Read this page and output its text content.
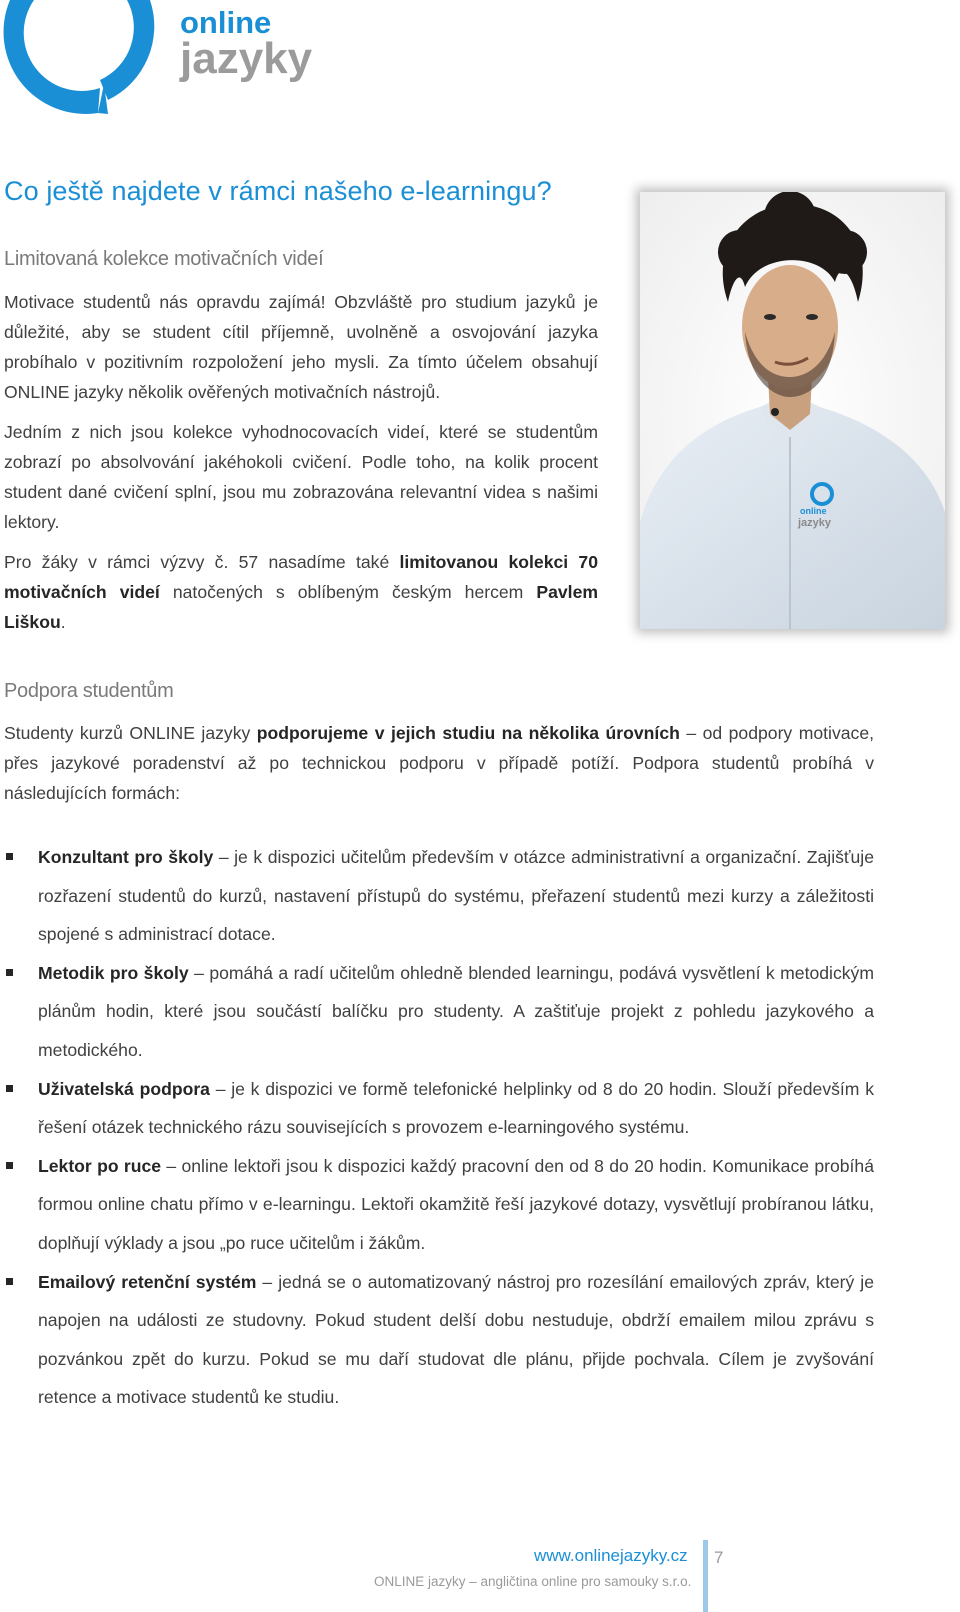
online
jazyky
Co ještě najdete v rámci našeho e-learningu?
Limitovaná kolekce motivačních videí
Motivace studentů nás opravdu zajímá! Obzvláště pro studium jazyků je důležité, aby se student cítil příjemně, uvolněně a osvojování jazyka probíhalo v pozitivním rozpoložení jeho mysli. Za tímto účelem obsahují ONLINE jazyky několik ověřených motivačních nástrojů.
Jedním z nich jsou kolekce vyhodnocovacích videí, které se studentům zobrazí po absolvování jakéhokoli cvičení. Podle toho, na kolik procent student dané cvičení splní, jsou mu zobrazována relevantní videa s našimi lektory.
Pro žáky v rámci výzvy č. 57 nasadíme také limitovanou kolekci 70 motivačních videí natočených s oblíbeným českým hercem Pavlem Liškou.
online
jazyky
Podpora studentům
Studenty kurzů ONLINE jazyky podporujeme v jejich studiu na několika úrovních – od podpory motivace, přes jazykové poradenství až po technickou podporu v případě potíží. Podpora studentů probíhá v následujících formách:
Konzultant pro školy – je k dispozici učitelům především v otázce administrativní a organizační. Zajišťuje rozřazení studentů do kurzů, nastavení přístupů do systému, přeřazení studentů mezi kurzy a záležitosti spojené s administrací dotace.
Metodik pro školy – pomáhá a radí učitelům ohledně blended learningu, podává vysvětlení k metodickým plánům hodin, které jsou součástí balíčku pro studenty. A zaštiťuje projekt z pohledu jazykového a metodického.
Uživatelská podpora – je k dispozici ve formě telefonické helplinky od 8 do 20 hodin. Slouží především k řešení otázek technického rázu souvisejících s provozem e-learningového systému.
Lektor po ruce – online lektoři jsou k dispozici každý pracovní den od 8 do 20 hodin. Komunikace probíhá formou online chatu přímo v e-learningu. Lektoři okamžitě řeší jazykové dotazy, vysvětlují probíranou látku, doplňují výklady a jsou „po ruce učitelům i žákům.
Emailový retenční systém – jedná se o automatizovaný nástroj pro rozesílání emailových zpráv, který je napojen na události ze studovny. Pokud student delší dobu nestuduje, obdrží emailem milou zprávu s pozvánkou zpět do kurzu. Pokud se mu daří studovat dle plánu, přijde pochvala. Cílem je zvyšování retence a motivace studentů ke studiu.
www.onlinejazyky.cz
ONLINE jazyky – angličtina online pro samouky s.r.o.
7
